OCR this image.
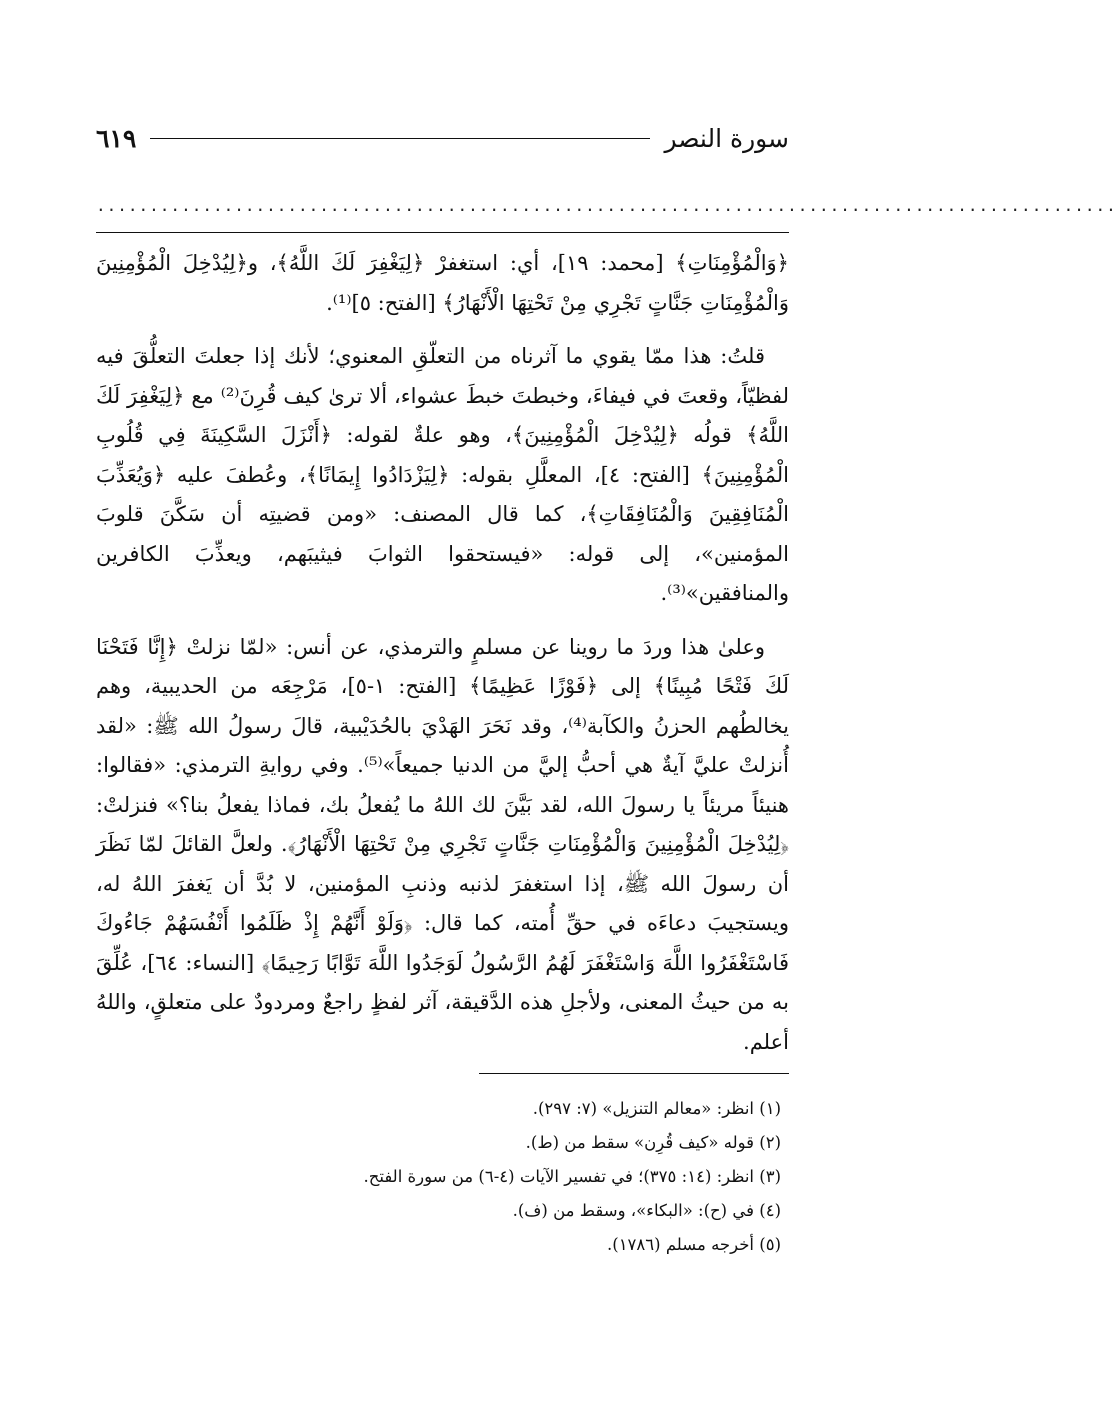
سورة النصر
٦١٩
................................................................................................

﴿وَالْمُؤْمِنَاتِ﴾ [محمد: ١٩]، أي: استغفرْ ﴿لِيَغْفِرَ لَكَ اللَّهُ﴾، و﴿لِيُدْخِلَ الْمُؤْمِنِينَ وَالْمُؤْمِنَاتِ جَنَّاتٍ تَجْرِي مِنْ تَحْتِهَا الْأَنْهَارُ﴾ [الفتح: ٥]⁽¹⁾.

قلتُ: هذا ممّا يقوي ما آثرناه من التعلّقِ المعنوي؛ لأنك إذا جعلتَ التعلُّقَ فيه لفظيّاً، وقعتَ في فيفاءَ، وخبطتَ خبطَ عشواء، ألا ترىٰ كيف قُرِنَ⁽²⁾ مع ﴿لِيَغْفِرَ لَكَ اللَّهُ﴾ قولُه ﴿لِيُدْخِلَ الْمُؤْمِنِينَ﴾، وهو علةٌ لقوله: ﴿أَنْزَلَ السَّكِينَةَ فِي قُلُوبِ الْمُؤْمِنِينَ﴾ [الفتح: ٤]، المعلَّلِ بقوله: ﴿لِيَزْدَادُوا إِيمَانًا﴾، وعُطفَ عليه ﴿وَيُعَذِّبَ الْمُنَافِقِينَ وَالْمُنَافِقَاتِ﴾، كما قال المصنف: «ومن قضيتِه أن سَكَّنَ قلوبَ المؤمنين»، إلى قوله: «فيستحقوا الثوابَ فيثيبَهم، ويعذِّبَ الكافرين والمنافقين»⁽³⁾.

وعلىٰ هذا وردَ ما روينا عن مسلمٍ والترمذي، عن أنس: «لمّا نزلتْ ﴿إِنَّا فَتَحْنَا لَكَ فَتْحًا مُبِينًا﴾ إلى ﴿فَوْزًا عَظِيمًا﴾ [الفتح: ١-٥]، مَرْجِعَه من الحديبية، وهم يخالطُهم الحزنُ والكآبة⁽⁴⁾، وقد نَحَرَ الهَدْيَ بالحُدَيْبية، قالَ رسولُ الله ﷺ: «لقد أُنزلتْ عليَّ آيةٌ هي أحبُّ إليَّ من الدنيا جميعاً»⁽⁵⁾. وفي روايةِ الترمذي: «فقالوا: هنيئاً مريئاً يا رسولَ الله، لقد بَيَّنَ لك اللهُ ما يُفعلُ بك، فماذا يفعلُ بنا؟» فنزلتْ: ﴿لِيُدْخِلَ الْمُؤْمِنِينَ وَالْمُؤْمِنَاتِ جَنَّاتٍ تَجْرِي مِنْ تَحْتِهَا الْأَنْهَارُ﴾. ولعلَّ القائلَ لمّا نَظَرَ أن رسولَ الله ﷺ، إذا استغفرَ لذنبه وذنبِ المؤمنين، لا بُدَّ أن يَغفرَ اللهُ له، ويستجيبَ دعاءَه في حقِّ أُمته، كما قال: ﴿وَلَوْ أَنَّهُمْ إِذْ ظَلَمُوا أَنْفُسَهُمْ جَاءُوكَ فَاسْتَغْفَرُوا اللَّهَ وَاسْتَغْفَرَ لَهُمُ الرَّسُولُ لَوَجَدُوا اللَّهَ تَوَّابًا رَحِيمًا﴾ [النساء: ٦٤]، عُلِّقَ به من حيثُ المعنى، ولأجلِ هذه الدَّقيقة، آثر لفظٍ راجعٌ ومردودٌ على متعلقٍ، واللهُ أعلم.

(١) انظر: «معالم التنزيل» (٧: ٢٩٧).
(٢) قوله «كيف قُرِن» سقط من (ط).
(٣) انظر: (١٤: ٣٧٥)؛ في تفسير الآيات (٤-٦) من سورة الفتح.
(٤) في (ح): «البكاء»، وسقط من (ف).
(٥) أخرجه مسلم (١٧٨٦).
